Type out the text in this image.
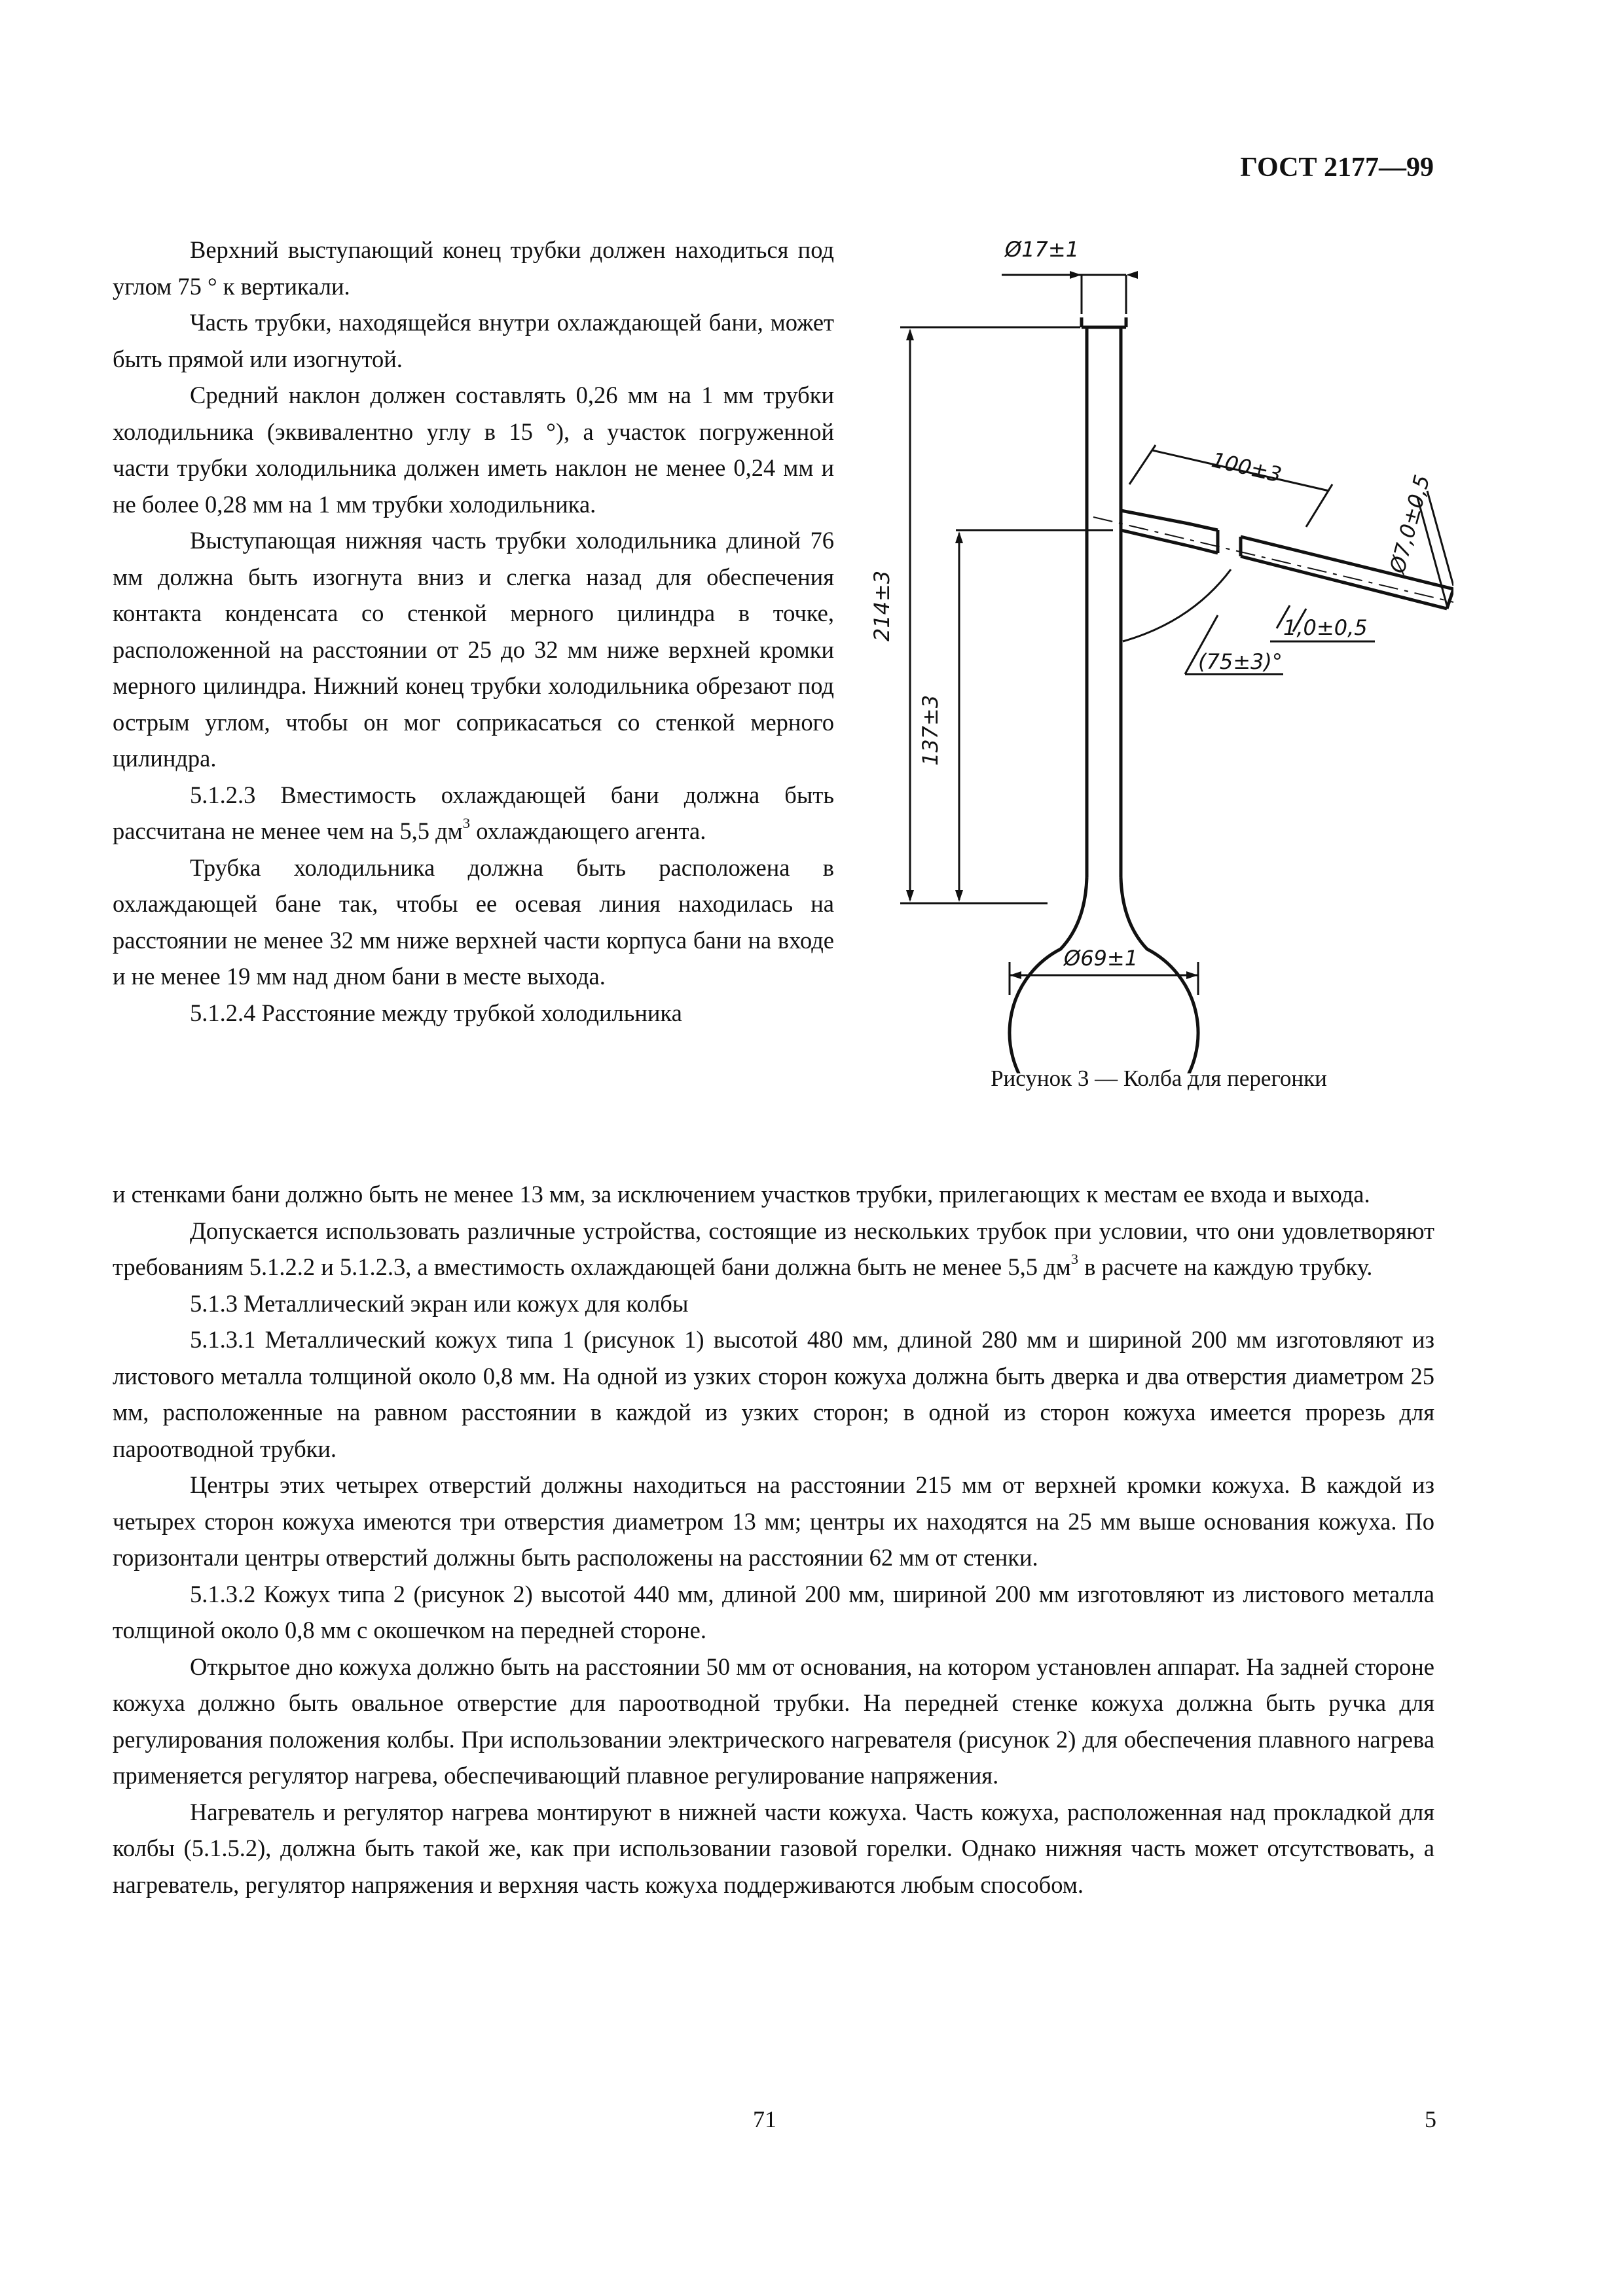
ГОСТ 2177—99

Верхний выступающий конец трубки должен находиться под углом 75 ° к вертикали.

Часть трубки, находящейся внутри охлаждающей бани, может быть прямой или изогнутой.

Средний наклон должен составлять 0,26 мм на 1 мм трубки холодильника (эквивалентно углу в 15 °), а участок погруженной части трубки холодильника должен иметь наклон не менее 0,24 мм и не более 0,28 мм на 1 мм трубки холодильника.

Выступающая нижняя часть трубки холодильника длиной 76 мм должна быть изогнута вниз и слегка назад для обеспечения контакта конденсата со стенкой мерного цилиндра в точке, расположенной на расстоянии от 25 до 32 мм ниже верхней кромки мерного цилиндра. Нижний конец трубки холодильника обрезают под острым углом, чтобы он мог соприкасаться со стенкой мерного цилиндра.

5.1.2.3 Вместимость охлаждающей бани должна быть рассчитана не менее чем на 5,5 $дм^3$ охлаждающего агента.

Трубка холодильника должна быть расположена в охлаждающей бане так, чтобы ее осевая линия находилась на расстоянии не менее 32 мм ниже верхней части корпуса бани на входе и не менее 19 мм над дном бани в месте выхода.

5.1.2.4 Расстояние между трубкой холодильника

Ø17±1
214±3
137±3
100±3
Ø7,0±0,5
1,0±0,5
(75±3)°
Ø69±1
Рисунок 3 — Колба для перегонки

и стенками бани должно быть не менее 13 мм, за исключением участков трубки, прилегающих к местам ее входа и выхода.

Допускается использовать различные устройства, состоящие из нескольких трубок при условии, что они удовлетворяют требованиям 5.1.2.2 и 5.1.2.3, а вместимость охлаждающей бани должна быть не менее 5,5 $дм^3$ в расчете на каждую трубку.

5.1.3 Металлический экран или кожух для колбы

5.1.3.1 Металлический кожух типа 1 (рисунок 1) высотой 480 мм, длиной 280 мм и шириной 200 мм изготовляют из листового металла толщиной около 0,8 мм. На одной из узких сторон кожуха должна быть дверка и два отверстия диаметром 25 мм, расположенные на равном расстоянии в каждой из узких сторон; в одной из сторон кожуха имеется прорезь для пароотводной трубки.

Центры этих четырех отверстий должны находиться на расстоянии 215 мм от верхней кромки кожуха. В каждой из четырех сторон кожуха имеются три отверстия диаметром 13 мм; центры их находятся на 25 мм выше основания кожуха. По горизонтали центры отверстий должны быть расположены на расстоянии 62 мм от стенки.

5.1.3.2 Кожух типа 2 (рисунок 2) высотой 440 мм, длиной 200 мм, шириной 200 мм изготовляют из листового металла толщиной около 0,8 мм с окошечком на передней стороне.

Открытое дно кожуха должно быть на расстоянии 50 мм от основания, на котором установлен аппарат. На задней стороне кожуха должно быть овальное отверстие для пароотводной трубки. На передней стенке кожуха должна быть ручка для регулирования положения колбы. При использовании электрического нагревателя (рисунок 2) для обеспечения плавного нагрева применяется регулятор нагрева, обеспечивающий плавное регулирование напряжения.

Нагреватель и регулятор нагрева монтируют в нижней части кожуха. Часть кожуха, расположенная над прокладкой для колбы (5.1.5.2), должна быть такой же, как при использовании газовой горелки. Однако нижняя часть может отсутствовать, а нагреватель, регулятор напряжения и верхняя часть кожуха поддерживаются любым способом.

71	5
